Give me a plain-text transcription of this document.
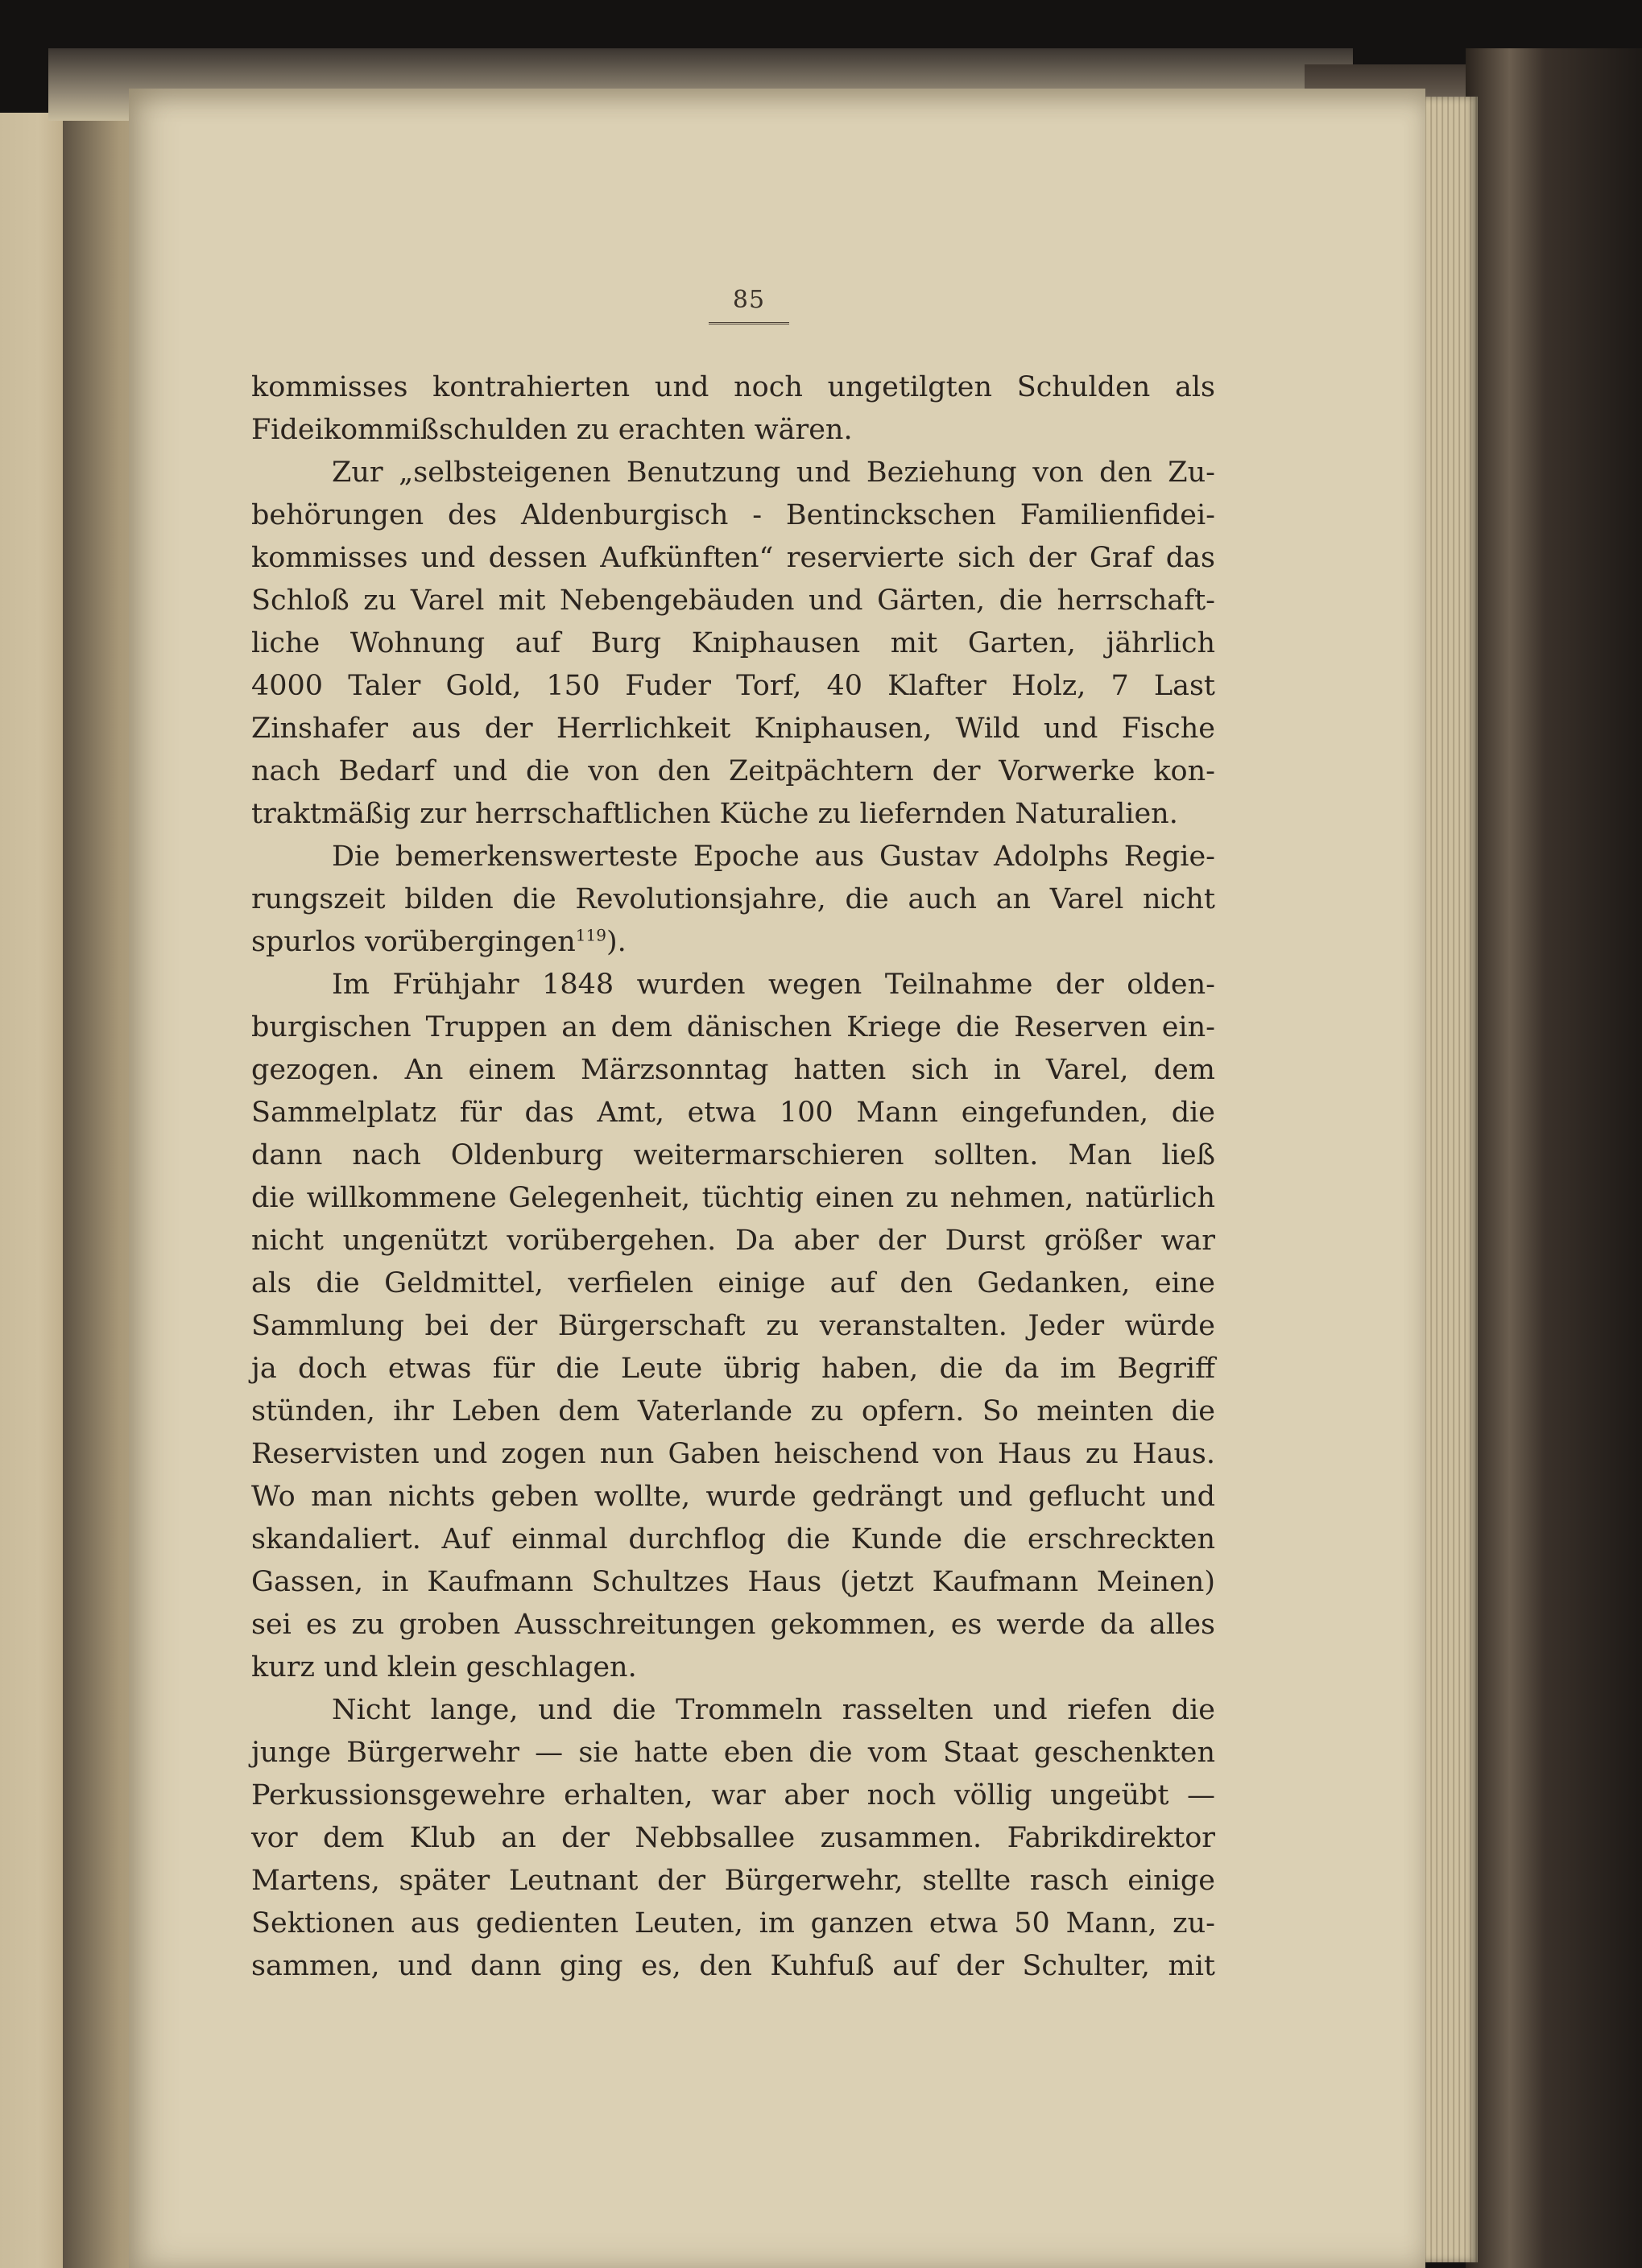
85
kommisses kontrahierten und noch ungetilgten Schulden als
Fideikommißschulden zu erachten wären.
Zur „selbsteigenen Benutzung und Beziehung von den Zu-
behörungen des Aldenburgisch - Bentinckschen Familienfidei-
kommisses und dessen Aufkünften“ reservierte sich der Graf das
Schloß zu Varel mit Nebengebäuden und Gärten, die herrschaft-
liche Wohnung auf Burg Kniphausen mit Garten, jährlich
4000 Taler Gold, 150 Fuder Torf, 40 Klafter Holz, 7 Last
Zinshafer aus der Herrlichkeit Kniphausen, Wild und Fische
nach Bedarf und die von den Zeitpächtern der Vorwerke kon-
traktmäßig zur herrschaftlichen Küche zu liefernden Naturalien.
Die bemerkenswerteste Epoche aus Gustav Adolphs Regie-
rungszeit bilden die Revolutionsjahre, die auch an Varel nicht
spurlos vorübergingen$^{119}$).
Im Frühjahr 1848 wurden wegen Teilnahme der olden-
burgischen Truppen an dem dänischen Kriege die Reserven ein-
gezogen. An einem Märzsonntag hatten sich in Varel, dem
Sammelplatz für das Amt, etwa 100 Mann eingefunden, die
dann nach Oldenburg weitermarschieren sollten. Man ließ
die willkommene Gelegenheit, tüchtig einen zu nehmen, natürlich
nicht ungenützt vorübergehen. Da aber der Durst größer war
als die Geldmittel, verfielen einige auf den Gedanken, eine
Sammlung bei der Bürgerschaft zu veranstalten. Jeder würde
ja doch etwas für die Leute übrig haben, die da im Begriff
stünden, ihr Leben dem Vaterlande zu opfern. So meinten die
Reservisten und zogen nun Gaben heischend von Haus zu Haus.
Wo man nichts geben wollte, wurde gedrängt und geflucht und
skandaliert. Auf einmal durchflog die Kunde die erschreckten
Gassen, in Kaufmann Schultzes Haus (jetzt Kaufmann Meinen)
sei es zu groben Ausschreitungen gekommen, es werde da alles
kurz und klein geschlagen.
Nicht lange, und die Trommeln rasselten und riefen die
junge Bürgerwehr — sie hatte eben die vom Staat geschenkten
Perkussionsgewehre erhalten, war aber noch völlig ungeübt —
vor dem Klub an der Nebbsallee zusammen. Fabrikdirektor
Martens, später Leutnant der Bürgerwehr, stellte rasch einige
Sektionen aus gedienten Leuten, im ganzen etwa 50 Mann, zu-
sammen, und dann ging es, den Kuhfuß auf der Schulter, mit
